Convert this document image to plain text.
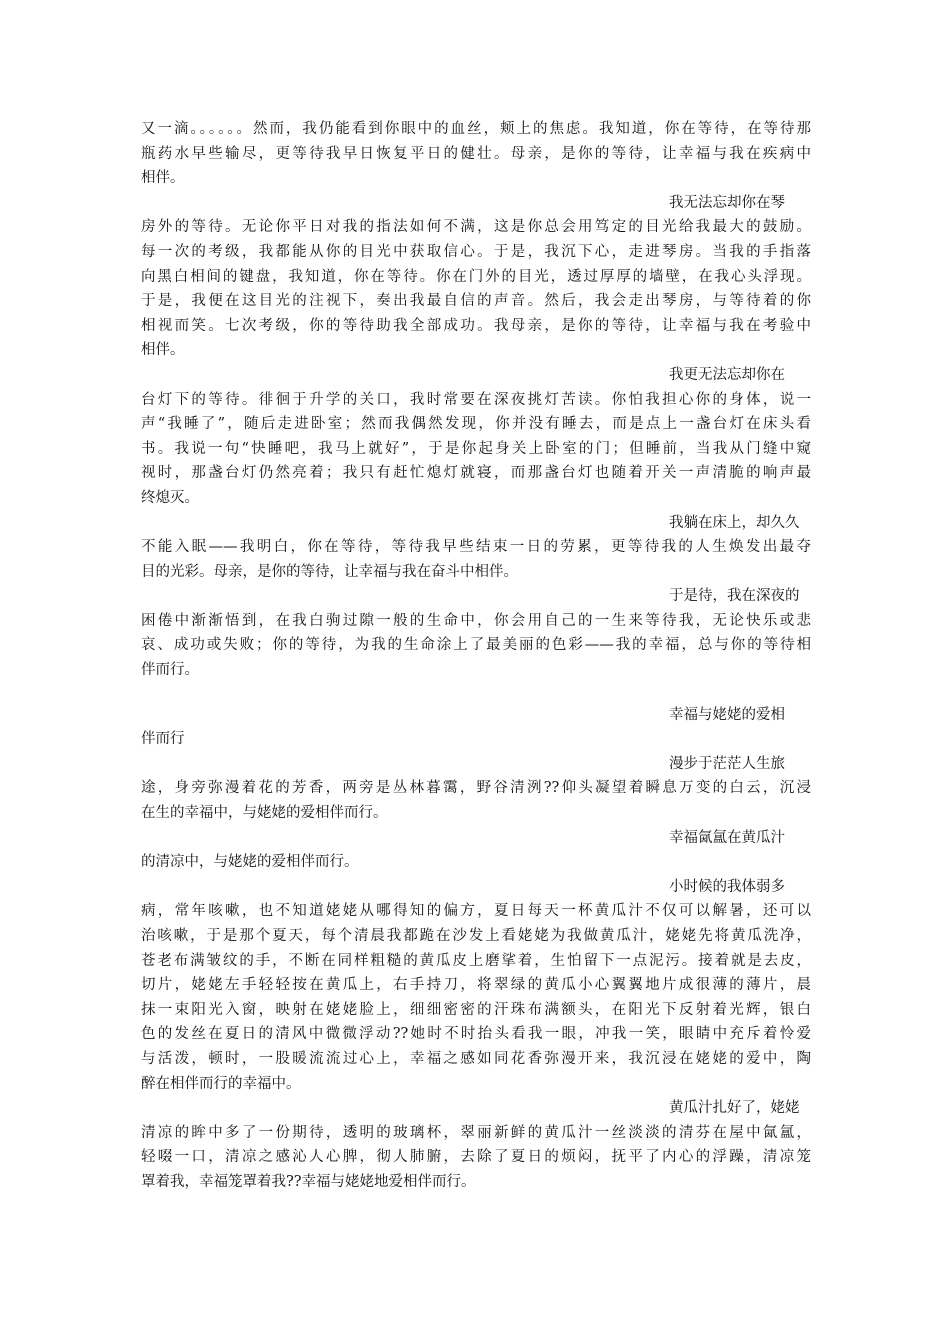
又一滴。。。。。。然而，我仍能看到你眼中的血丝，颊上的焦虑。我知道，你在等待，在等待那
瓶药水早些输尽，更等待我早日恢复平日的健壮。母亲，是你的等待，让幸福与我在疾病中
相伴。
我无法忘却你在琴
房外的等待。无论你平日对我的指法如何不满，这是你总会用笃定的目光给我最大的鼓励。
每一次的考级，我都能从你的目光中获取信心。于是，我沉下心，走进琴房。当我的手指落
向黑白相间的键盘，我知道，你在等待。你在门外的目光，透过厚厚的墙壁，在我心头浮现。
于是，我便在这目光的注视下，奏出我最自信的声音。然后，我会走出琴房，与等待着的你
相视而笑。七次考级，你的等待助我全部成功。我母亲，是你的等待，让幸福与我在考验中
相伴。
我更无法忘却你在
台灯下的等待。徘徊于升学的关口，我时常要在深夜挑灯苦读。你怕我担心你的身体，说一
声“我睡了”，随后走进卧室；然而我偶然发现，你并没有睡去，而是点上一盏台灯在床头看
书。我说一句“快睡吧，我马上就好”，于是你起身关上卧室的门；但睡前，当我从门缝中窥
视时，那盏台灯仍然亮着；我只有赶忙熄灯就寝，而那盏台灯也随着开关一声清脆的响声最
终熄灭。
我躺在床上，却久久
不能入眠——我明白，你在等待，等待我早些结束一日的劳累，更等待我的人生焕发出最夺
目的光彩。母亲，是你的等待，让幸福与我在奋斗中相伴。
于是待，我在深夜的
困倦中渐渐悟到，在我白驹过隙一般的生命中，你会用自己的一生来等待我，无论快乐或悲
哀、成功或失败；你的等待，为我的生命涂上了最美丽的色彩——我的幸福，总与你的等待相
伴而行。
幸福与姥姥的爱相
伴而行
漫步于茫茫人生旅
途，身旁弥漫着花的芳香，两旁是丛林暮霭，野谷清洌??仰头凝望着瞬息万变的白云，沉浸
在生的幸福中，与姥姥的爱相伴而行。
幸福氤氲在黄瓜汁
的清凉中，与姥姥的爱相伴而行。
小时候的我体弱多
病，常年咳嗽，也不知道姥姥从哪得知的偏方，夏日每天一杯黄瓜汁不仅可以解暑，还可以
治咳嗽，于是那个夏天，每个清晨我都跪在沙发上看姥姥为我做黄瓜汁，姥姥先将黄瓜洗净，
苍老布满皱纹的手，不断在同样粗糙的黄瓜皮上磨挲着，生怕留下一点泥污。接着就是去皮，
切片，姥姥左手轻轻按在黄瓜上，右手持刀，将翠绿的黄瓜小心翼翼地片成很薄的薄片，晨
抹一束阳光入窗，映射在姥姥脸上，细细密密的汗珠布满额头，在阳光下反射着光辉，银白
色的发丝在夏日的清风中微微浮动??她时不时抬头看我一眼，冲我一笑，眼睛中充斥着怜爱
与活泼，顿时，一股暖流流过心上，幸福之感如同花香弥漫开来，我沉浸在姥姥的爱中，陶
醉在相伴而行的幸福中。
黄瓜汁扎好了，姥姥
清凉的眸中多了一份期待，透明的玻璃杯，翠丽新鲜的黄瓜汁一丝淡淡的清芬在屋中氤氲，
轻啜一口，清凉之感沁人心脾，彻人肺腑，去除了夏日的烦闷，抚平了内心的浮躁，清凉笼
罩着我，幸福笼罩着我??幸福与姥姥地爱相伴而行。
